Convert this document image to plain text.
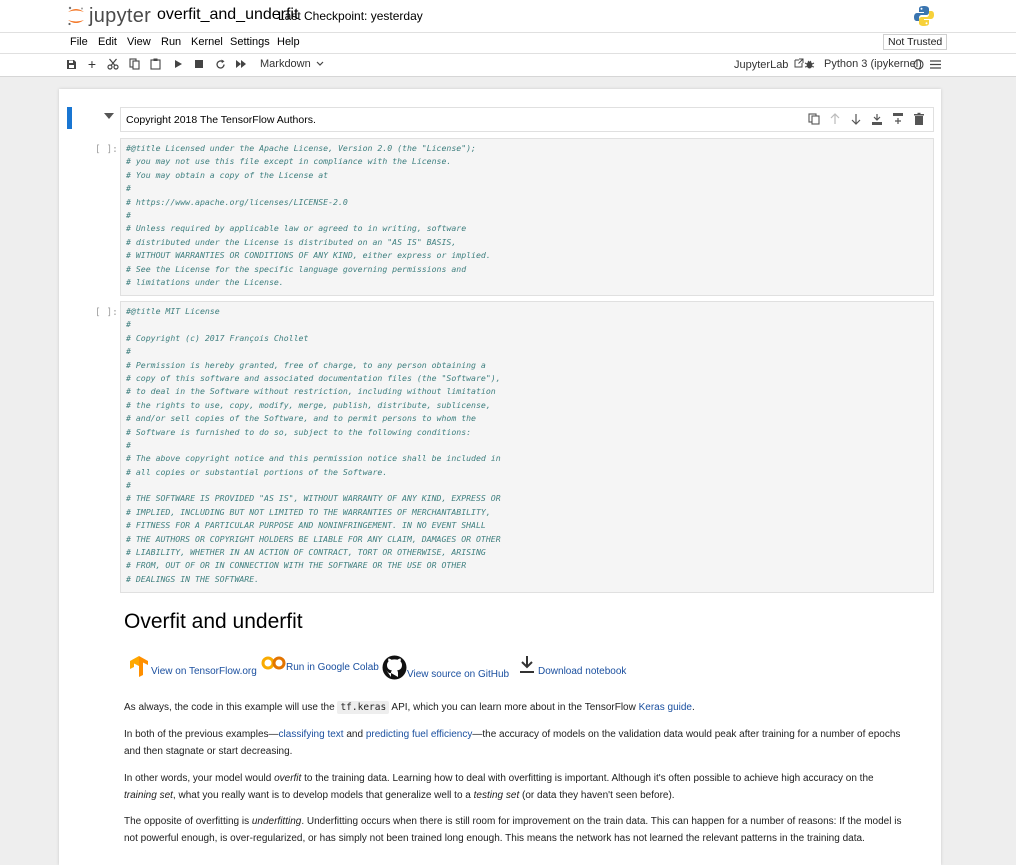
jupyter overfit_and_underfit
Last Checkpoint: yesterday
File Edit View Run Kernel Settings Help	Not Trusted
+	Markdown	JupyterLab	Python 3 (ipykernel)
Copyright 2018 The TensorFlow Authors.
[ ]: #@title Licensed under the Apache License, Version 2.0 (the "License");
# you may not use this file except in compliance with the License.
# You may obtain a copy of the License at
#
# https://www.apache.org/licenses/LICENSE-2.0
#
# Unless required by applicable law or agreed to in writing, software
# distributed under the License is distributed on an "AS IS" BASIS,
# WITHOUT WARRANTIES OR CONDITIONS OF ANY KIND, either express or implied.
# See the License for the specific language governing permissions and
# limitations under the License.
[ ]: #@title MIT License
#
# Copyright (c) 2017 François Chollet
#
# Permission is hereby granted, free of charge, to any person obtaining a
# copy of this software and associated documentation files (the "Software"),
# to deal in the Software without restriction, including without limitation
# the rights to use, copy, modify, merge, publish, distribute, sublicense,
# and/or sell copies of the Software, and to permit persons to whom the
# Software is furnished to do so, subject to the following conditions:
#
# The above copyright notice and this permission notice shall be included in
# all copies or substantial portions of the Software.
#
# THE SOFTWARE IS PROVIDED "AS IS", WITHOUT WARRANTY OF ANY KIND, EXPRESS OR
# IMPLIED, INCLUDING BUT NOT LIMITED TO THE WARRANTIES OF MERCHANTABILITY,
# FITNESS FOR A PARTICULAR PURPOSE AND NONINFRINGEMENT. IN NO EVENT SHALL
# THE AUTHORS OR COPYRIGHT HOLDERS BE LIABLE FOR ANY CLAIM, DAMAGES OR OTHER
# LIABILITY, WHETHER IN AN ACTION OF CONTRACT, TORT OR OTHERWISE, ARISING
# FROM, OUT OF OR IN CONNECTION WITH THE SOFTWARE OR THE USE OR OTHER
# DEALINGS IN THE SOFTWARE.
Overfit and underfit
View on TensorFlow.org	Run in Google Colab
View source on GitHub	Download notebook

As always, the code in this example will use the tf.keras API, which you can learn more about in the TensorFlow Keras guide.

In both of the previous examples—classifying text and predicting fuel efficiency—the accuracy of models on the validation data would peak after training for a number of epochs and then stagnate or start decreasing.

In other words, your model would overfit to the training data. Learning how to deal with overfitting is important. Although it's often possible to achieve high accuracy on the training set, what you really want is to develop models that generalize well to a testing set (or data they haven't seen before).

The opposite of overfitting is underfitting. Underfitting occurs when there is still room for improvement on the train data. This can happen for a number of reasons: If the model is not powerful enough, is over-regularized, or has simply not been trained long enough. This means the network has not learned the relevant patterns in the training data.
